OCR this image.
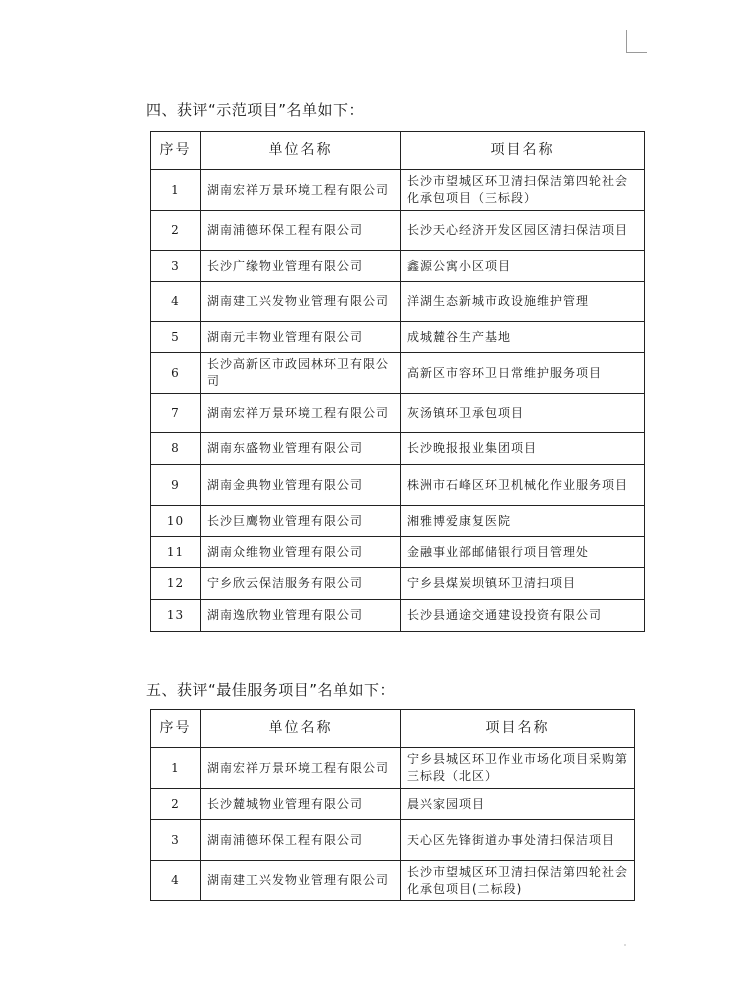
四、获评“示范项目”名单如下：
序号	单位名称	项目名称
1	湖南宏祥万景环境工程有限公司	长沙市望城区环卫清扫保洁第四轮社会化承包项目（三标段）
2	湖南浦德环保工程有限公司	长沙天心经济开发区园区清扫保洁项目
3	长沙广缘物业管理有限公司	鑫源公寓小区项目
4	湖南建工兴发物业管理有限公司	洋湖生态新城市政设施维护管理
5	湖南元丰物业管理有限公司	成城麓谷生产基地
6	长沙高新区市政园林环卫有限公司	高新区市容环卫日常维护服务项目
7	湖南宏祥万景环境工程有限公司	灰汤镇环卫承包项目
8	湖南东盛物业管理有限公司	长沙晚报报业集团项目
9	湖南金典物业管理有限公司	株洲市石峰区环卫机械化作业服务项目
10	长沙巨鹰物业管理有限公司	湘雅博爱康复医院
11	湖南众维物业管理有限公司	金融事业部邮储银行项目管理处
12	宁乡欣云保洁服务有限公司	宁乡县煤炭坝镇环卫清扫项目
13	湖南逸欣物业管理有限公司	长沙县通途交通建设投资有限公司
五、获评“最佳服务项目”名单如下：
序号	单位名称	项目名称
1	湖南宏祥万景环境工程有限公司	宁乡县城区环卫作业市场化项目采购第三标段（北区）
2	长沙麓城物业管理有限公司	晨兴家园项目
3	湖南浦德环保工程有限公司	天心区先锋街道办事处清扫保洁项目
4	湖南建工兴发物业管理有限公司	长沙市望城区环卫清扫保洁第四轮社会化承包项目(二标段)
